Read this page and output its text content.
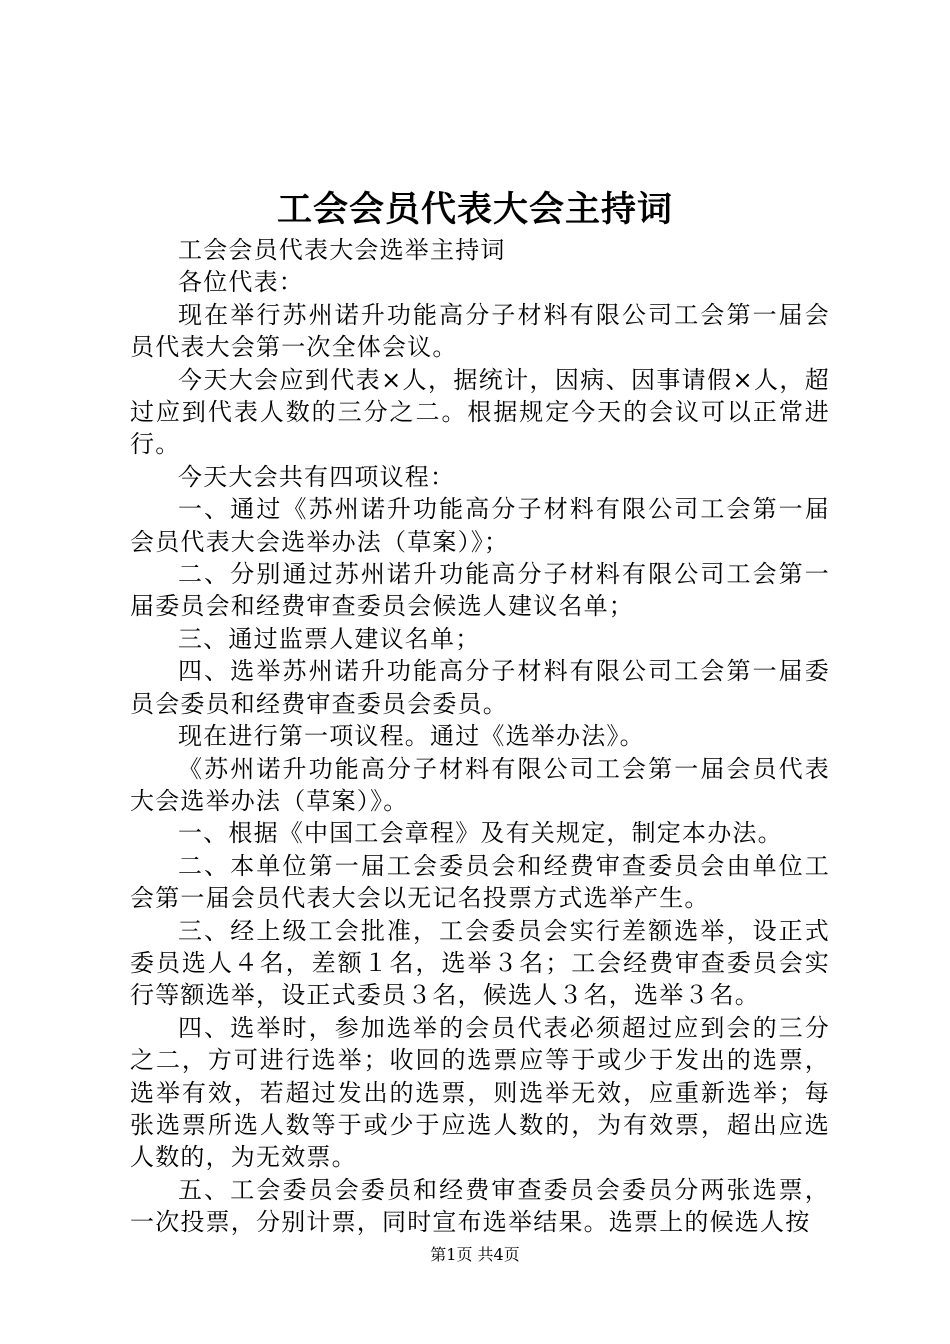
工会会员代表大会主持词

工会会员代表大会选举主持词

各位代表：

现在举行苏州诺升功能高分子材料有限公司工会第一届会员代表大会第一次全体会议。

今天大会应到代表×人，据统计，因病、因事请假×人，超过应到代表人数的三分之二。根据规定今天的会议可以正常进行。

今天大会共有四项议程：

一、通过《苏州诺升功能高分子材料有限公司工会第一届会员代表大会选举办法（草案）》；

二、分别通过苏州诺升功能高分子材料有限公司工会第一届委员会和经费审查委员会候选人建议名单；

三、通过监票人建议名单；

四、选举苏州诺升功能高分子材料有限公司工会第一届委员会委员和经费审查委员会委员。

现在进行第一项议程。通过《选举办法》。

《苏州诺升功能高分子材料有限公司工会第一届会员代表大会选举办法（草案）》。

一、根据《中国工会章程》及有关规定，制定本办法。

二、本单位第一届工会委员会和经费审查委员会由单位工会第一届会员代表大会以无记名投票方式选举产生。

三、经上级工会批准，工会委员会实行差额选举，设正式委员选人４名，差额１名，选举３名；工会经费审查委员会实行等额选举，设正式委员３名，候选人３名，选举３名。

四、选举时，参加选举的会员代表必须超过应到会的三分之二，方可进行选举；收回的选票应等于或少于发出的选票，选举有效，若超过发出的选票，则选举无效，应重新选举；每张选票所选人数等于或少于应选人数的，为有效票，超出应选人数的，为无效票。

五、工会委员会委员和经费审查委员会委员分两张选票，一次投票，分别计票，同时宣布选举结果。选票上的候选人按

第1页 共4页
